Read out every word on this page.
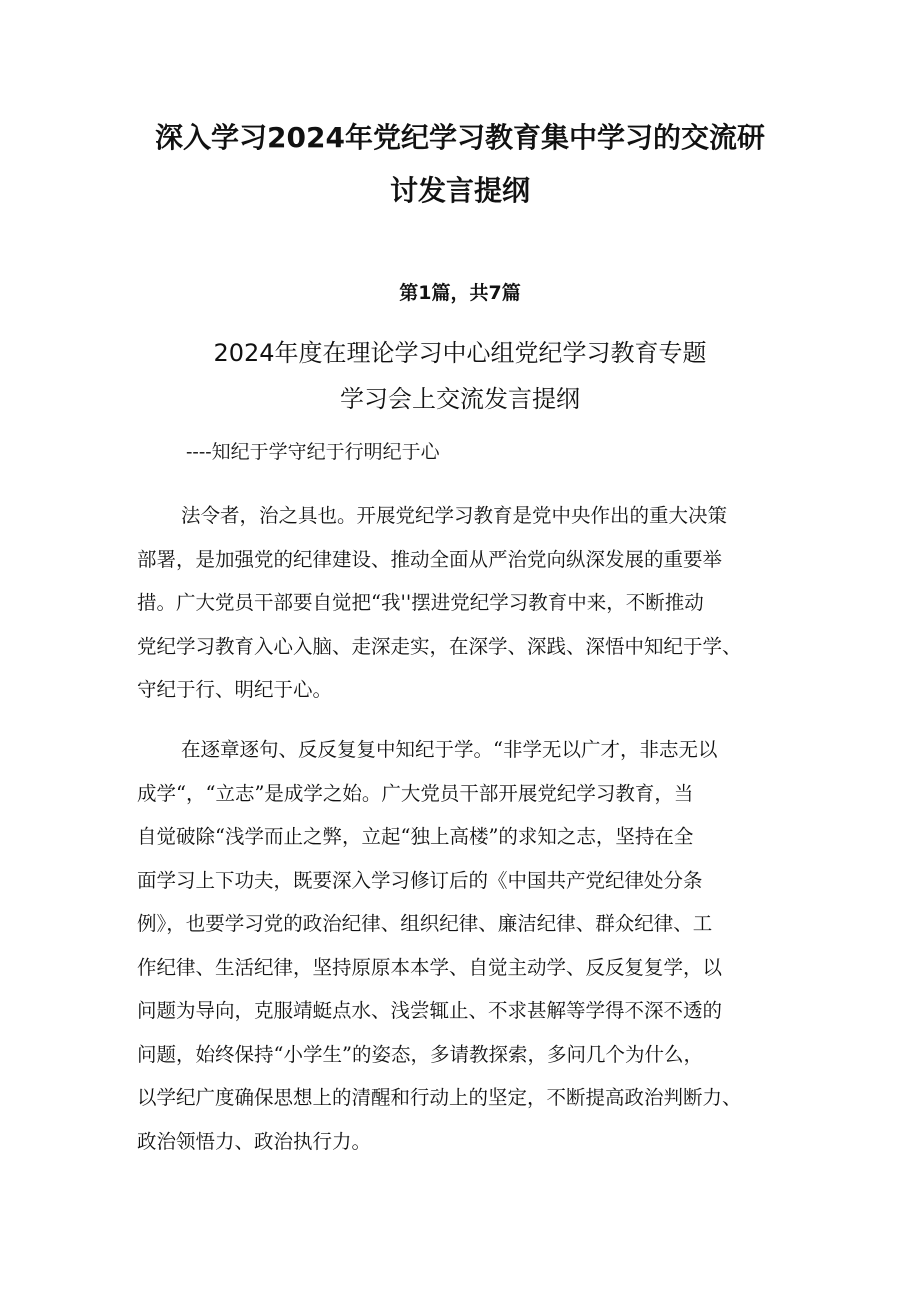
深入学习2024年党纪学习教育集中学习的交流研
讨发言提纲
第1篇，共7篇
2024年度在理论学习中心组党纪学习教育专题
学习会上交流发言提纲
----知纪于学守纪于行明纪于心
法令者，治之具也。开展党纪学习教育是党中央作出的重大决策
部署，是加强党的纪律建设、推动全面从严治党向纵深发展的重要举
措。广大党员干部要自觉把“我''摆进党纪学习教育中来，不断推动
党纪学习教育入心入脑、走深走实，在深学、深践、深悟中知纪于学、
守纪于行、明纪于心。
在逐章逐句、反反复复中知纪于学。“非学无以广才，非志无以
成学“，“立志”是成学之始。广大党员干部开展党纪学习教育，当
自觉破除“浅学而止之弊，立起“独上高楼”的求知之志，坚持在全
面学习上下功夫，既要深入学习修订后的《中国共产党纪律处分条
例》，也要学习党的政治纪律、组织纪律、廉洁纪律、群众纪律、工
作纪律、生活纪律，坚持原原本本学、自觉主动学、反反复复学，以
问题为导向，克服靖蜓点水、浅尝辄止、不求甚解等学得不深不透的
问题，始终保持“小学生”的姿态，多请教探索，多问几个为什么，
以学纪广度确保思想上的清醒和行动上的坚定，不断提高政治判断力、
政治领悟力、政治执行力。
